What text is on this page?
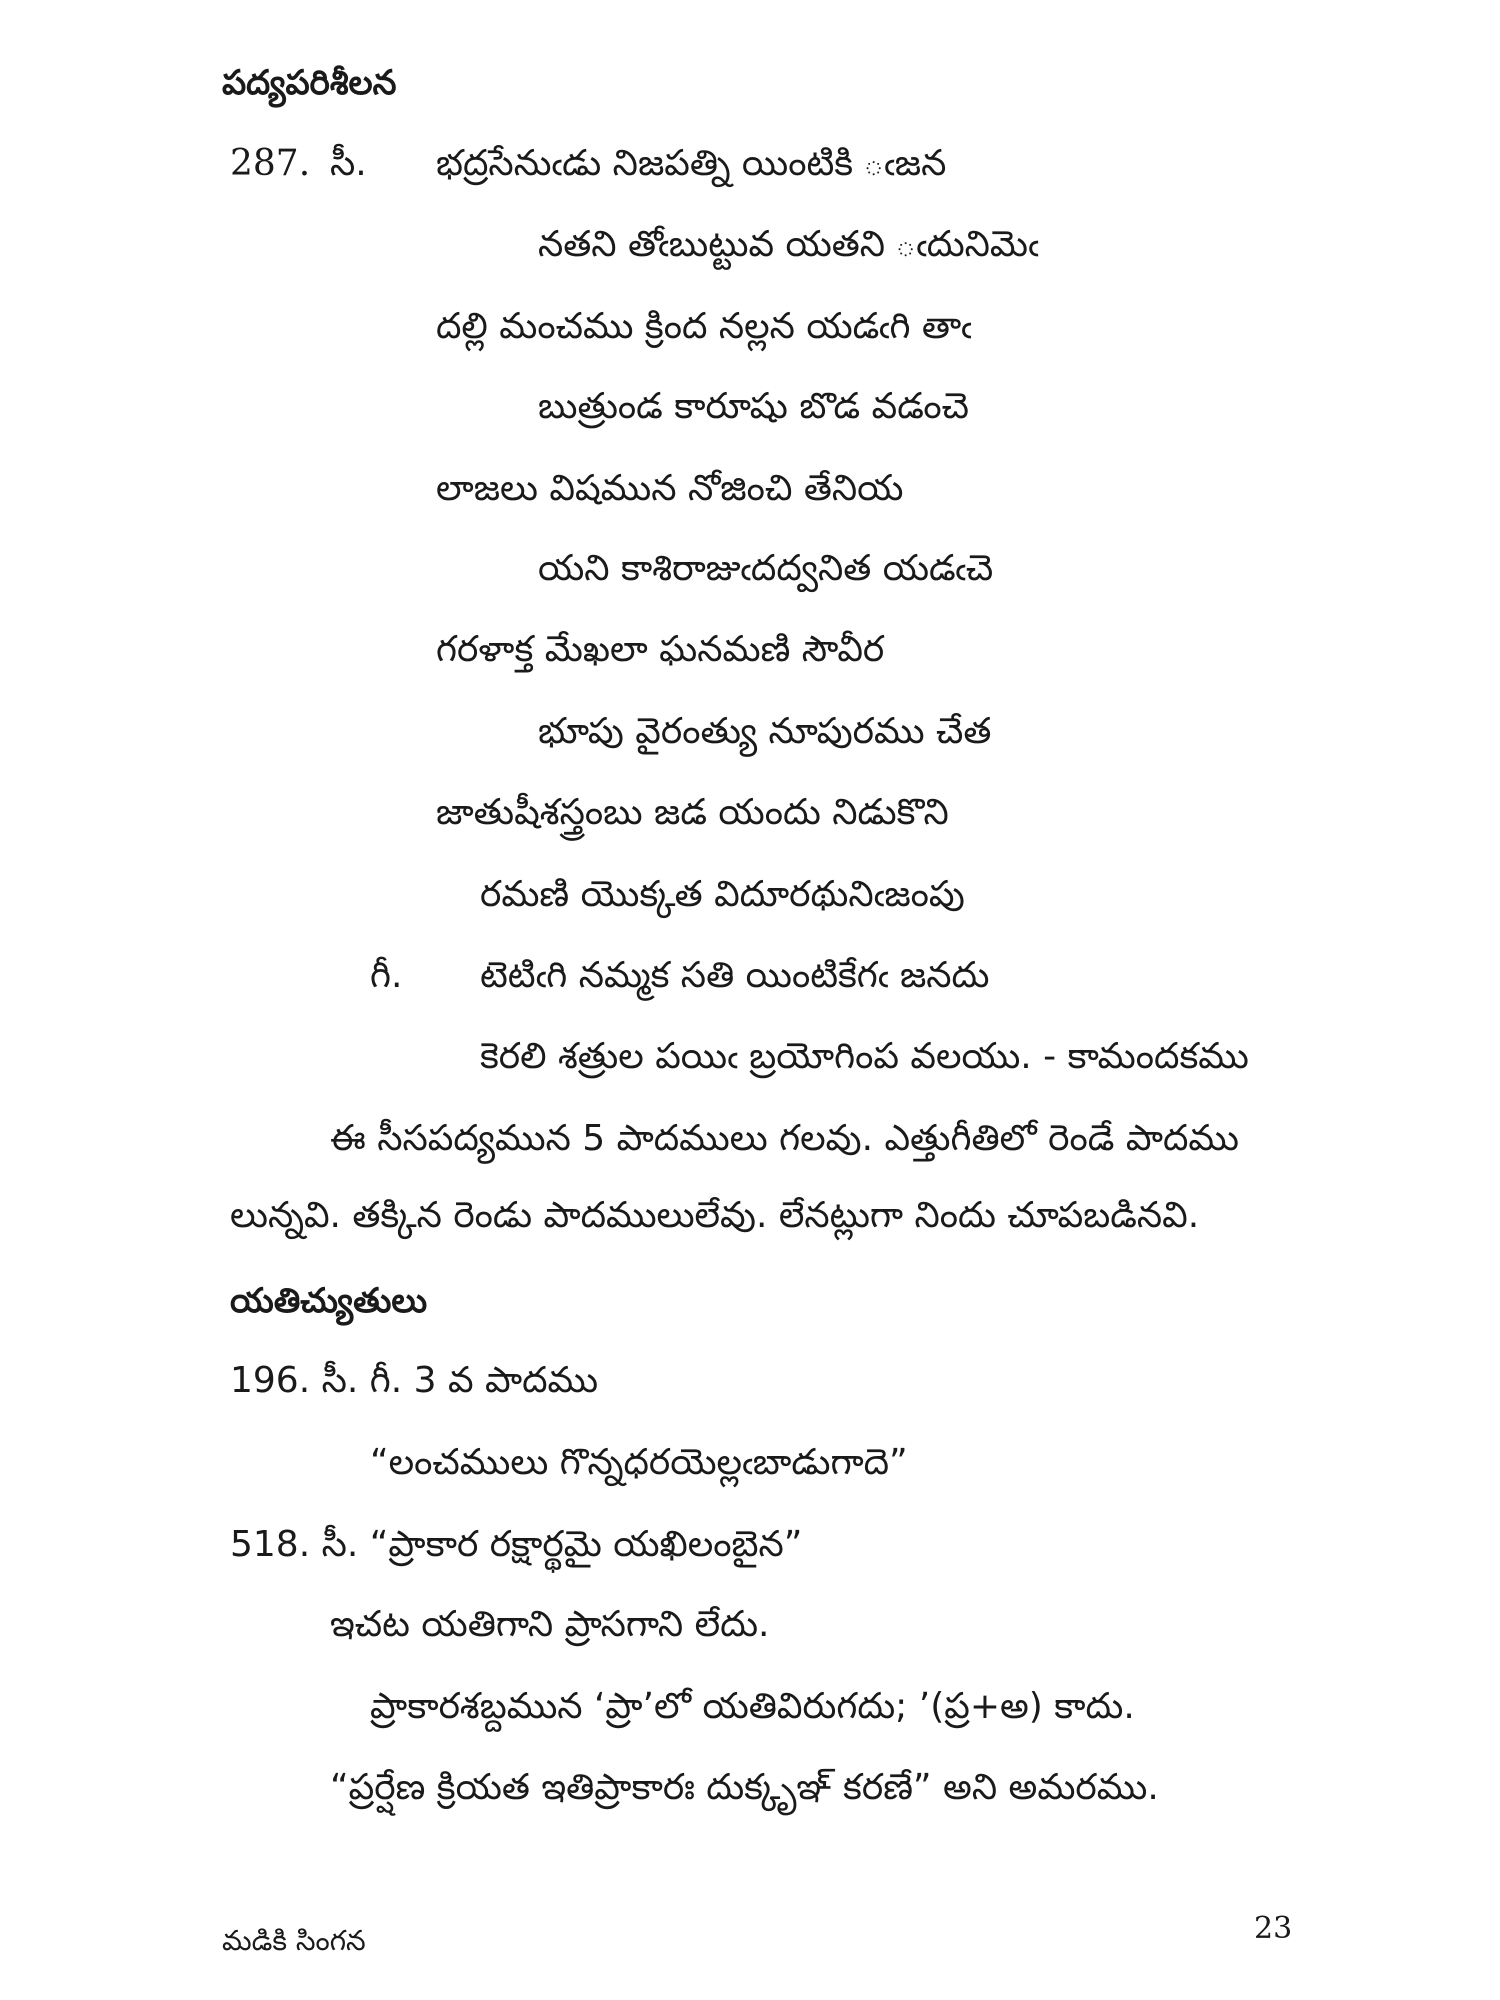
పద్యపరిశీలన
287. సీ. భద్రసేనుఁడు నిజపత్ని యింటికి ఁజన
నతని తోఁబుట్టువ యతని ఁదునిమెఁ
దల్లి మంచము క్రింద నల్లన యడఁగి తాఁ
బుత్రుండ కారూషు బొడ వడంచె
లాజలు విషమున నోజించి తేనియ
యని కాశిరాజుఁదద్వనిత యడఁచె
గరళాక్త మేఖలా ఘనమణి సౌవీర
భూపు వైరంత్యు నూపురము చేత
జాతుషీశస్త్రంబు జడ యందు నిడుకొని
రమణి యొక్కత విదూరథునిఁజంపు
గీ. టెటిఁగి నమ్మక సతి యింటికేగఁ జనదు
కెరలి శత్రుల పయిఁ బ్రయోగింప వలయు. - కామందకము
ఈ సీసపద్యమున 5 పాదములు గలవు. ఎత్తుగీతిలో రెండే పాదము
లున్నవి. తక్కిన రెండు పాదములులేవు. లేనట్లుగా నిందు చూపబడినవి.
యతిచ్యుతులు
196. సీ. గీ. 3 వ పాదము
“లంచములు గొన్నధరయెల్లఁబాడుగాదె”
518. సీ. “ప్రాకార రక్షార్థమై యఖిలంబైన”
ఇచట యతిగాని ప్రాసగాని లేదు.
ప్రాకారశబ్దమున ‘ప్రా’లో యతివిరుగదు; ’(ప్ర+అ) కాదు.
“ప్రర్షేణ క్రియత ఇతిప్రాకారః దుక్కృఞ్ కరణే” అని అమరము.
మడికి సింగన	23
